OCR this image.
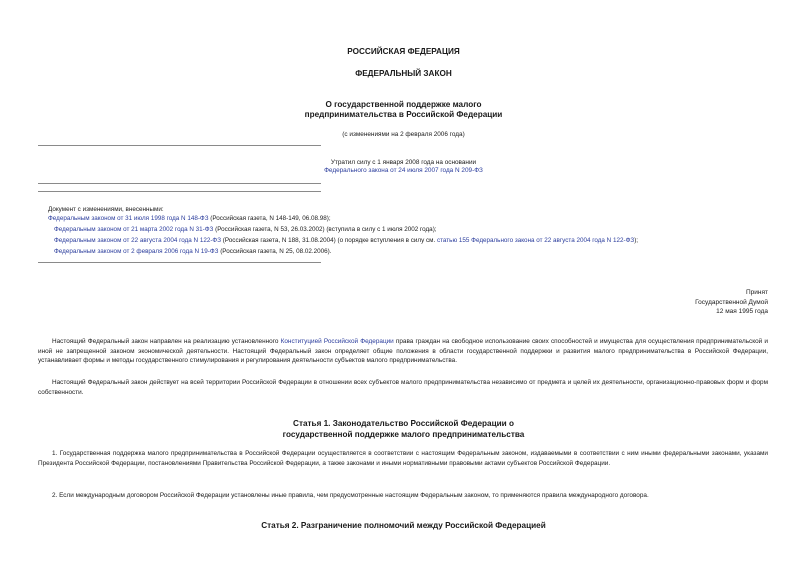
РОССИЙСКАЯ ФЕДЕРАЦИЯ
ФЕДЕРАЛЬНЫЙ ЗАКОН
О государственной поддержке малого
предпринимательства в Российской Федерации
(с изменениями на 2 февраля 2006 года)
Утратил силу с 1 января 2008 года на основании
Федерального закона от 24 июля 2007 года N 209-ФЗ
Документ с изменениями, внесенными:
Федеральным законом от 31 июля 1998 года N 148-ФЗ (Российская газета, N 148-149, 06.08.98);
Федеральным законом от 21 марта 2002 года N 31-ФЗ (Российская газета, N 53, 26.03.2002) (вступила в силу с 1 июля 2002 года);
Федеральным законом от 22 августа 2004 года N 122-ФЗ (Российская газета, N 188, 31.08.2004) (о порядке вступления в силу см. статью 155 Федерального закона от 22 августа 2004 года N 122-ФЗ);
Федеральным законом от 2 февраля 2006 года N 19-ФЗ (Российская газета, N 25, 08.02.2006).
Принят
Государственной Думой
12 мая 1995 года
Настоящий Федеральный закон направлен на реализацию установленного Конституцией Российской Федерации права граждан на свободное использование своих способностей и имущества для осуществления предпринимательской и иной не запрещенной законом экономической деятельности. Настоящий Федеральный закон определяет общие положения в области государственной поддержки и развития малого предпринимательства в Российской Федерации, устанавливает формы и методы государственного стимулирования и регулирования деятельности субъектов малого предпринимательства.
Настоящий Федеральный закон действует на всей территории Российской Федерации в отношении всех субъектов малого предпринимательства независимо от предмета и целей их деятельности, организационно-правовых форм и форм собственности.
Статья 1. Законодательство Российской Федерации о
государственной поддержке малого предпринимательства
1. Государственная поддержка малого предпринимательства в Российской Федерации осуществляется в соответствии с настоящим Федеральным законом, издаваемыми в соответствии с ним иными федеральными законами, указами Президента Российской Федерации, постановлениями Правительства Российской Федерации, а также законами и иными нормативными правовыми актами субъектов Российской Федерации.
2. Если международным договором Российской Федерации установлены иные правила, чем предусмотренные настоящим Федеральным законом, то применяются правила международного договора.
Статья 2. Разграничение полномочий между Российской Федерацией
